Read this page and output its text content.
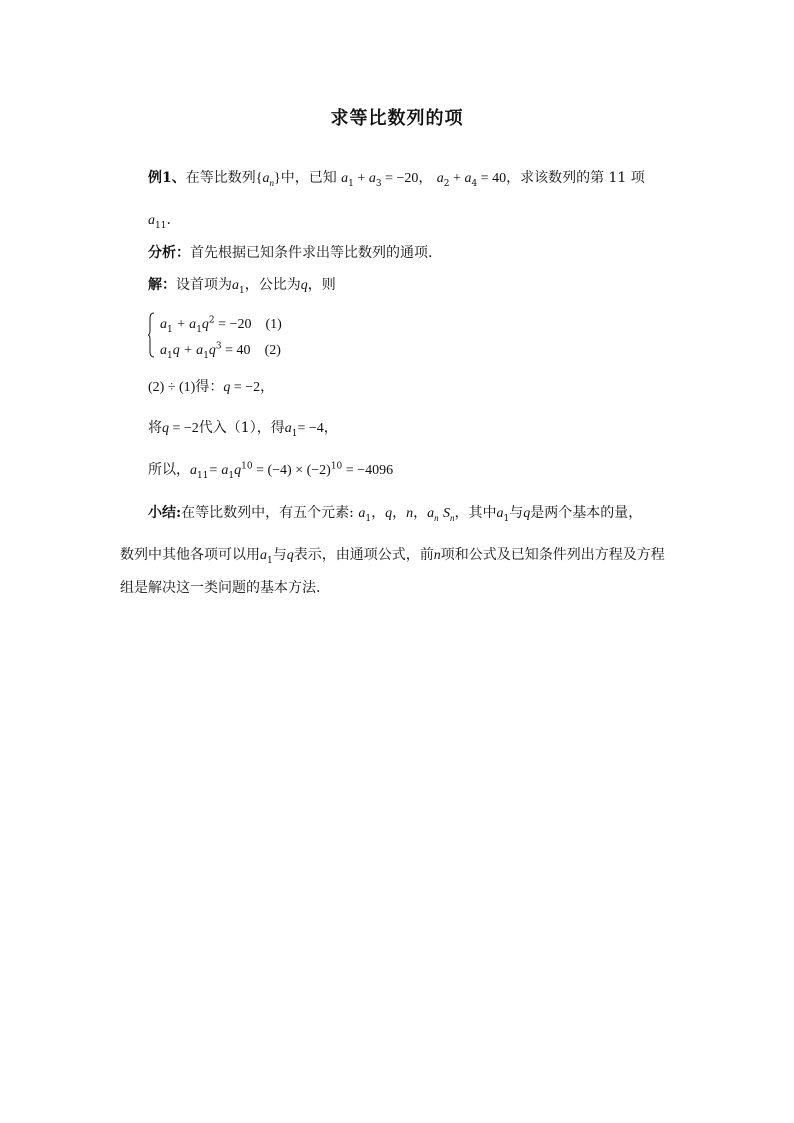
求等比数列的项
例1、在等比数列$\{a_n\}$中，已知 $a_1 + a_3 = -20$， $a_2 + a_4 = 40$，求该数列的第 11 项
$a_{11}$.
分析：首先根据已知条件求出等比数列的通项.
解：设首项为$a_1$，公比为q，则
$a_1 + a_1q^2 = -20$ (1)
$a_1q + a_1q^3 = 40$ (2)
(2) ÷ (1)得：q = −2，
将q = −2代入（1），得$a_1= -4$，
所以，$a_{11}= a_1q^{10} = (-4) \times (-2)^{10} = -4096$
小结:在等比数列中，有五个元素: $a_1$，q，n，$a_n$ $S_n$，其中$a_1$与q是两个基本的量，
数列中其他各项可以用$a_1$与q表示，由通项公式，前n项和公式及已知条件列出方程及方程
组是解决这一类问题的基本方法.
